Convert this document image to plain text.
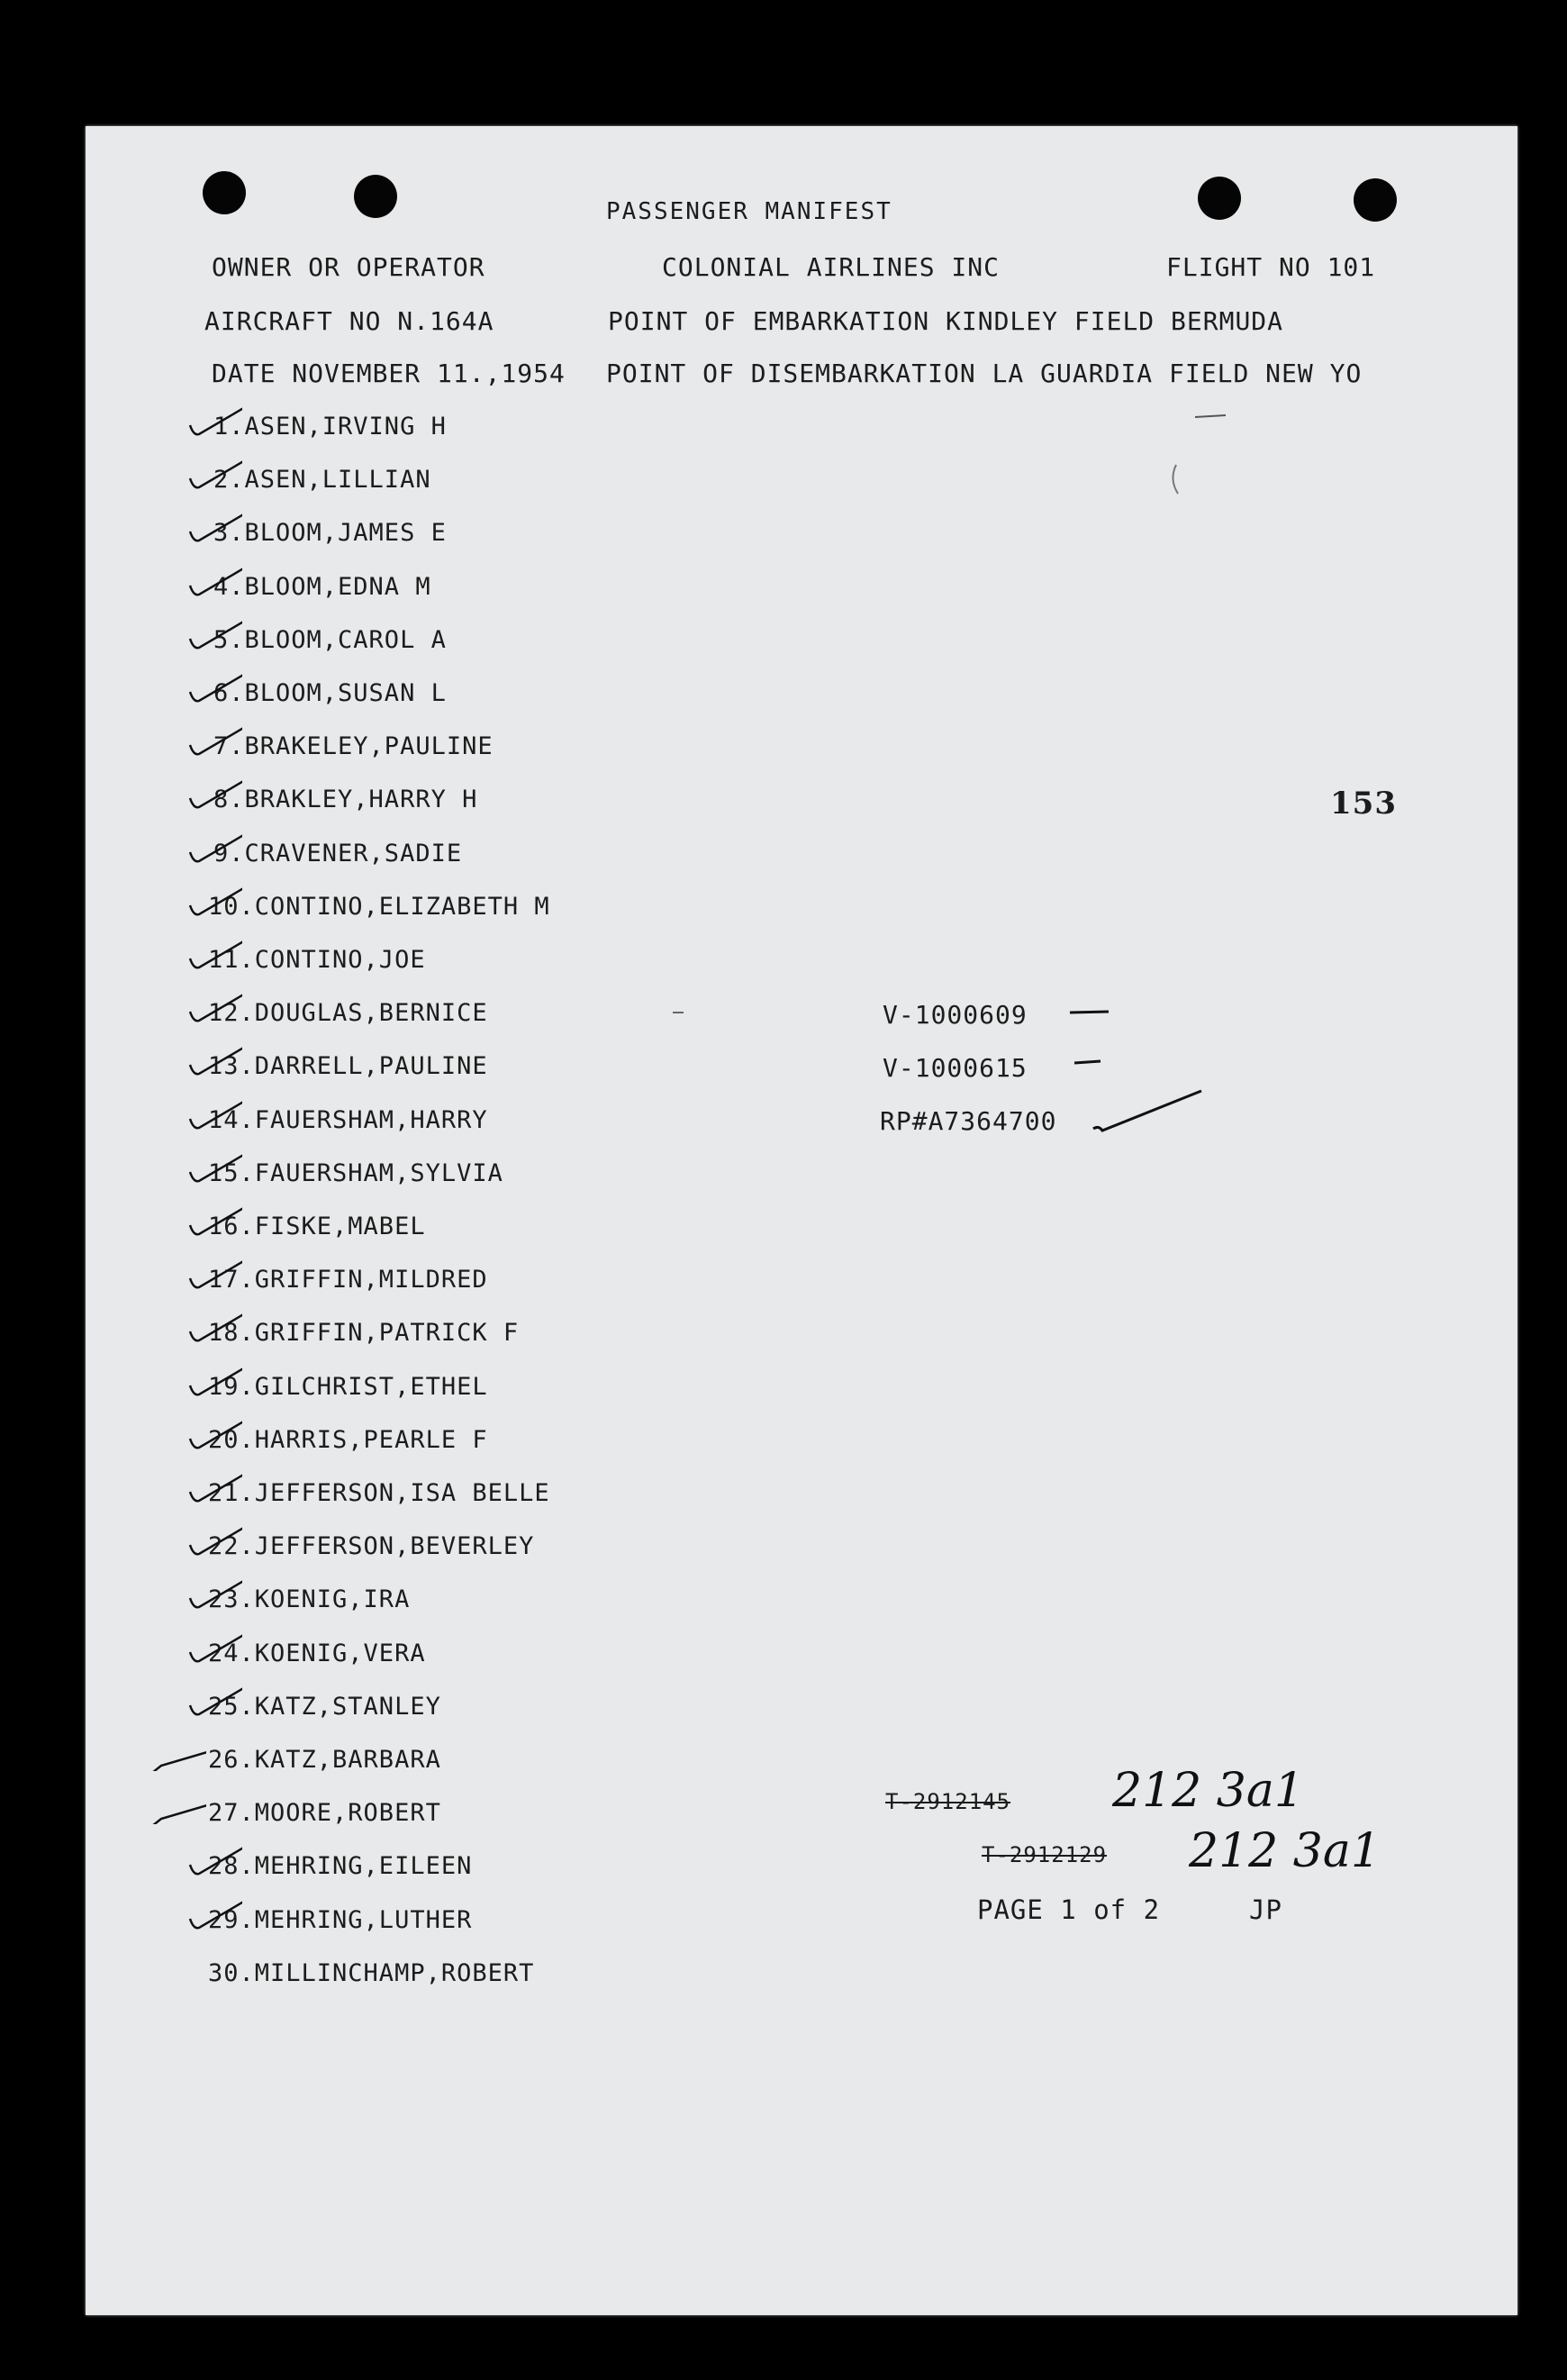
PASSENGER MANIFEST
OWNER OR OPERATOR	COLONIAL AIRLINES INC	FLIGHT NO 101
AIRCRAFT NO N.164A	POINT OF EMBARKATION KINDLEY FIELD BERMUDA
DATE NOVEMBER 11.,1954 POINT OF DISEMBARKATION LA GUARDIA FIELD NEW YO
153
1.ASEN,IRVING H
2.ASEN,LILLIAN
3.BLOOM,JAMES E
4.BLOOM,EDNA M
5.BLOOM,CAROL A
6.BLOOM,SUSAN L
7.BRAKELEY,PAULINE
8.BRAKLEY,HARRY H
9.CRAVENER,SADIE
10.CONTINO,ELIZABETH M
11.CONTINO,JOE
12.DOUGLAS,BERNICE
13.DARRELL,PAULINE
14.FAUERSHAM,HARRY
15.FAUERSHAM,SYLVIA
16.FISKE,MABEL
17.GRIFFIN,MILDRED
18.GRIFFIN,PATRICK F
19.GILCHRIST,ETHEL
20.HARRIS,PEARLE F
21.JEFFERSON,ISA BELLE
22.JEFFERSON,BEVERLEY
23.KOENIG,IRA
24.KOENIG,VERA
25.KATZ,STANLEY
26.KATZ,BARBARA
27.MOORE,ROBERT
28.MEHRING,EILEEN
29.MEHRING,LUTHER
30.MILLINCHAMP,ROBERT
V-1000609
V-1000615
RP#A7364700
T-2912145 212 3a1
T-2912129 212 3a1
PAGE 1 of 2	JP
